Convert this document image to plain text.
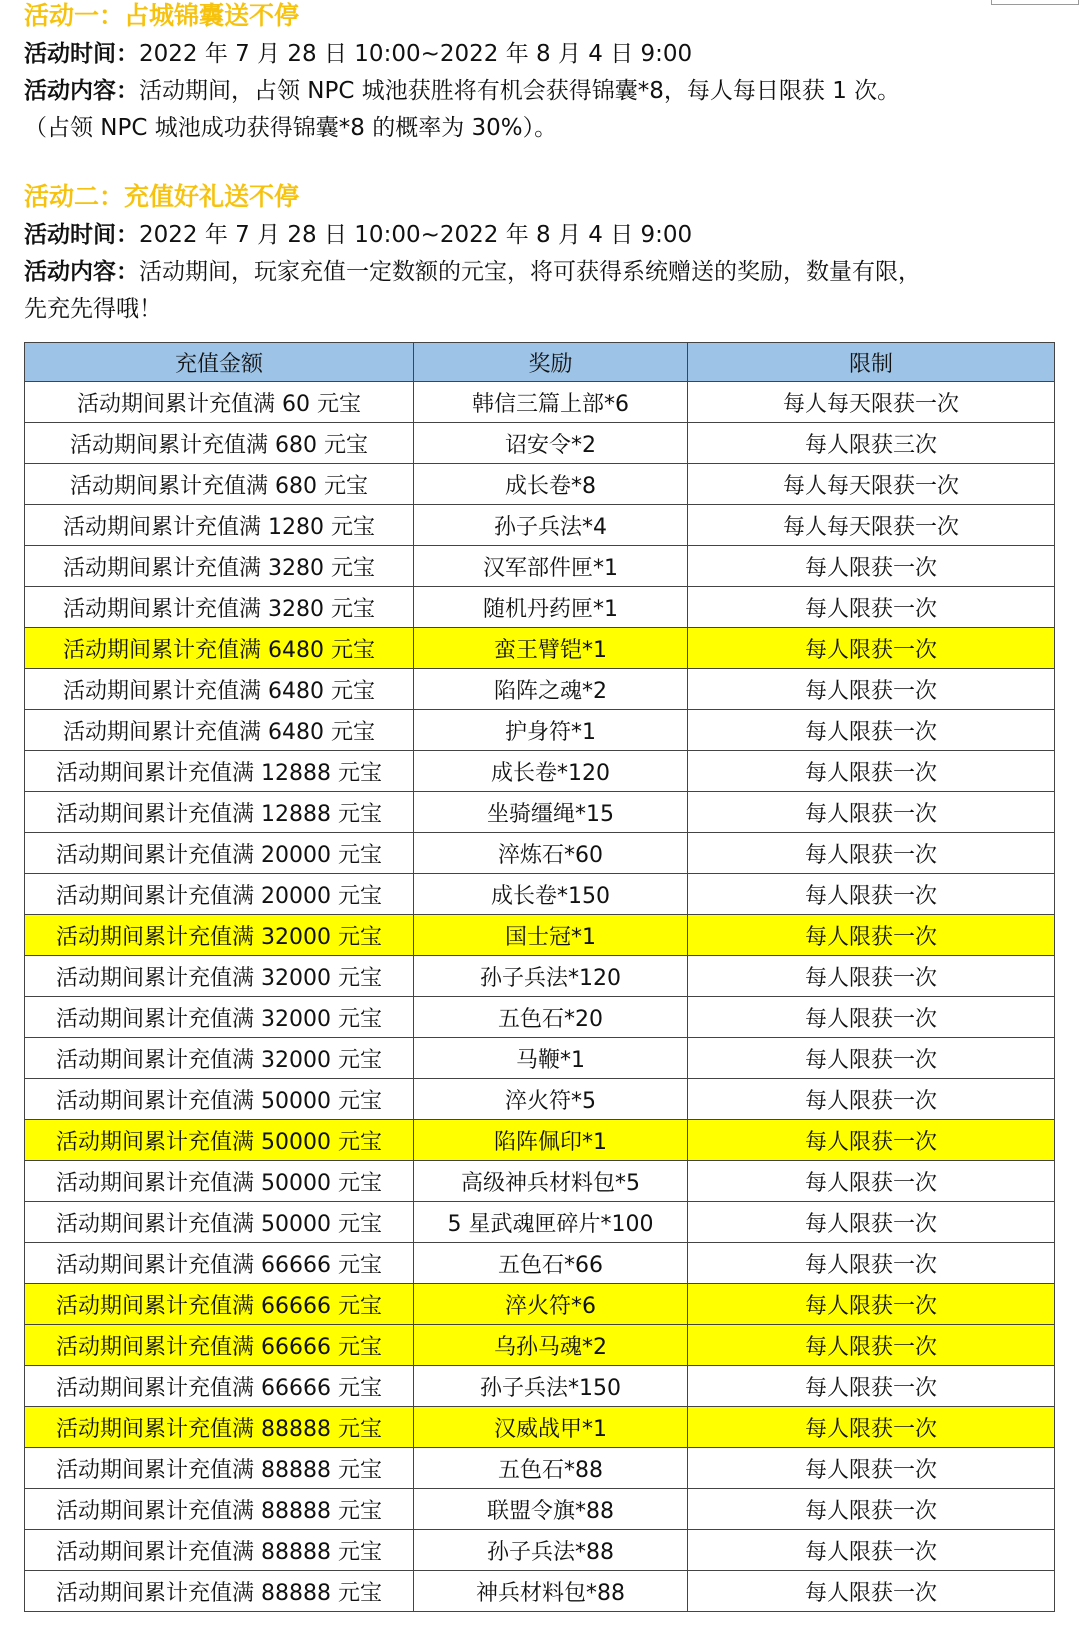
活动一：占城锦囊送不停
活动时间：2022 年 7 月 28 日 10:00~2022 年 8 月 4 日 9:00
活动内容：活动期间，占领 NPC 城池获胜将有机会获得锦囊*8，每人每日限获 1 次。
（占领 NPC 城池成功获得锦囊*8 的概率为 30%）。
活动二：充值好礼送不停
活动时间：2022 年 7 月 28 日 10:00~2022 年 8 月 4 日 9:00
活动内容：活动期间，玩家充值一定数额的元宝，将可获得系统赠送的奖励，数量有限，
先充先得哦！
充值金额	奖励	限制
活动期间累计充值满 60 元宝	韩信三篇上部*6	每人每天限获一次
活动期间累计充值满 680 元宝	诏安令*2	每人限获三次
活动期间累计充值满 680 元宝	成长卷*8	每人每天限获一次
活动期间累计充值满 1280 元宝	孙子兵法*4	每人每天限获一次
活动期间累计充值满 3280 元宝	汉军部件匣*1	每人限获一次
活动期间累计充值满 3280 元宝	随机丹药匣*1	每人限获一次
活动期间累计充值满 6480 元宝	蛮王臂铠*1	每人限获一次
活动期间累计充值满 6480 元宝	陷阵之魂*2	每人限获一次
活动期间累计充值满 6480 元宝	护身符*1	每人限获一次
活动期间累计充值满 12888 元宝	成长卷*120	每人限获一次
活动期间累计充值满 12888 元宝	坐骑缰绳*15	每人限获一次
活动期间累计充值满 20000 元宝	淬炼石*60	每人限获一次
活动期间累计充值满 20000 元宝	成长卷*150	每人限获一次
活动期间累计充值满 32000 元宝	国士冠*1	每人限获一次
活动期间累计充值满 32000 元宝	孙子兵法*120	每人限获一次
活动期间累计充值满 32000 元宝	五色石*20	每人限获一次
活动期间累计充值满 32000 元宝	马鞭*1	每人限获一次
活动期间累计充值满 50000 元宝	淬火符*5	每人限获一次
活动期间累计充值满 50000 元宝	陷阵佩印*1	每人限获一次
活动期间累计充值满 50000 元宝	高级神兵材料包*5	每人限获一次
活动期间累计充值满 50000 元宝	5 星武魂匣碎片*100	每人限获一次
活动期间累计充值满 66666 元宝	五色石*66	每人限获一次
活动期间累计充值满 66666 元宝	淬火符*6	每人限获一次
活动期间累计充值满 66666 元宝	乌孙马魂*2	每人限获一次
活动期间累计充值满 66666 元宝	孙子兵法*150	每人限获一次
活动期间累计充值满 88888 元宝	汉威战甲*1	每人限获一次
活动期间累计充值满 88888 元宝	五色石*88	每人限获一次
活动期间累计充值满 88888 元宝	联盟令旗*88	每人限获一次
活动期间累计充值满 88888 元宝	孙子兵法*88	每人限获一次
活动期间累计充值满 88888 元宝	神兵材料包*88	每人限获一次
